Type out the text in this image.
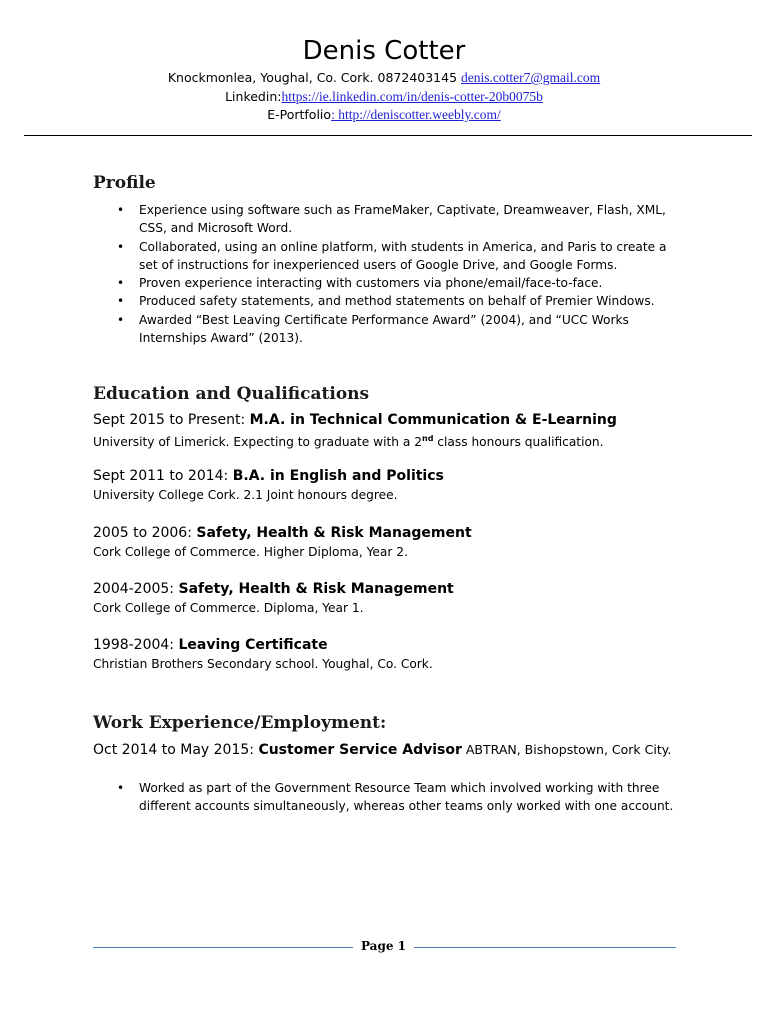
Denis Cotter
Knockmonlea, Youghal, Co. Cork. 0872403145 denis.cotter7@gmail.com
Linkedin:https://ie.linkedin.com/in/denis-cotter-20b0075b
E-Portfolio: http://deniscotter.weebly.com/
Profile
• Experience using software such as FrameMaker, Captivate, Dreamweaver, Flash, XML, CSS, and Microsoft Word.
• Collaborated, using an online platform, with students in America, and Paris to create a set of instructions for inexperienced users of Google Drive, and Google Forms.
• Proven experience interacting with customers via phone/email/face-to-face.
• Produced safety statements, and method statements on behalf of Premier Windows.
• Awarded “Best Leaving Certificate Performance Award” (2004), and “UCC Works Internships Award” (2013).
Education and Qualifications
Sept 2015 to Present: M.A. in Technical Communication & E-Learning
University of Limerick. Expecting to graduate with a 2nd class honours qualification.
Sept 2011 to 2014: B.A. in English and Politics
University College Cork. 2.1 Joint honours degree.
2005 to 2006: Safety, Health & Risk Management
Cork College of Commerce. Higher Diploma, Year 2.
2004-2005: Safety, Health & Risk Management
Cork College of Commerce. Diploma, Year 1.
1998-2004: Leaving Certificate
Christian Brothers Secondary school. Youghal, Co. Cork.
Work Experience/Employment:
Oct 2014 to May 2015: Customer Service Advisor ABTRAN, Bishopstown, Cork City.
• Worked as part of the Government Resource Team which involved working with three different accounts simultaneously, whereas other teams only worked with one account.
Page 1
